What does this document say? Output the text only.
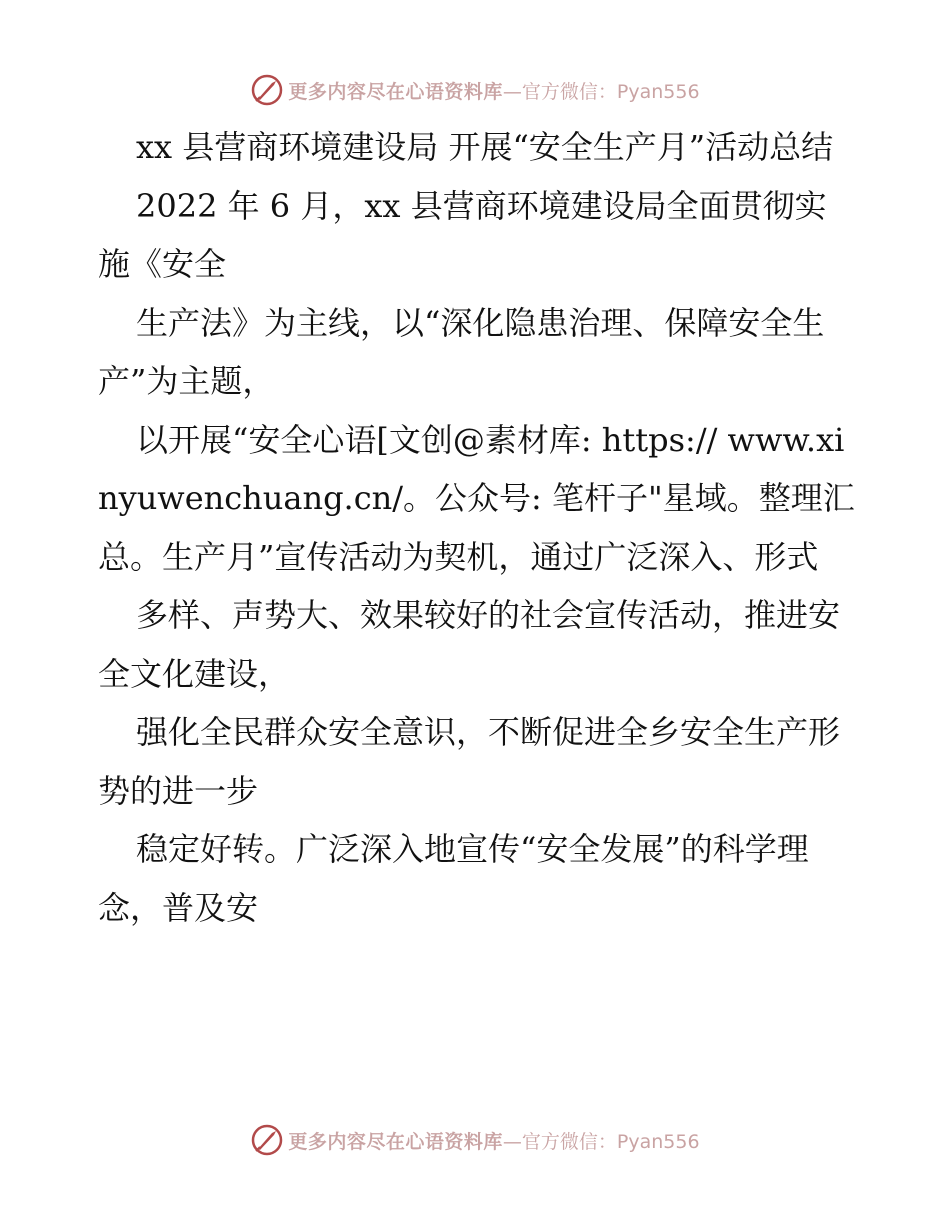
更多内容尽在心语资料库 —官方微信：Pyan556

xx 县营商环境建设局 开展“安全生产月”活动总结

2022 年 6 月，xx 县营商环境建设局全面贯彻实施《安全

生产法》为主线，以“深化隐患治理、保障安全生产”为主题，

以开展“安全心语[文创@素材库: https:// www.xinyuwenchuang.cn/。公众号: 笔杆子"星域。整理汇总。生产月”宣传活动为契机，通过广泛深入、形式

多样、声势大、效果较好的社会宣传活动，推进安全文化建设，

强化全民群众安全意识，不断促进全乡安全生产形势的进一步

稳定好转。广泛深入地宣传“安全发展”的科学理念，普及安

更多内容尽在心语资料库 —官方微信：Pyan556
